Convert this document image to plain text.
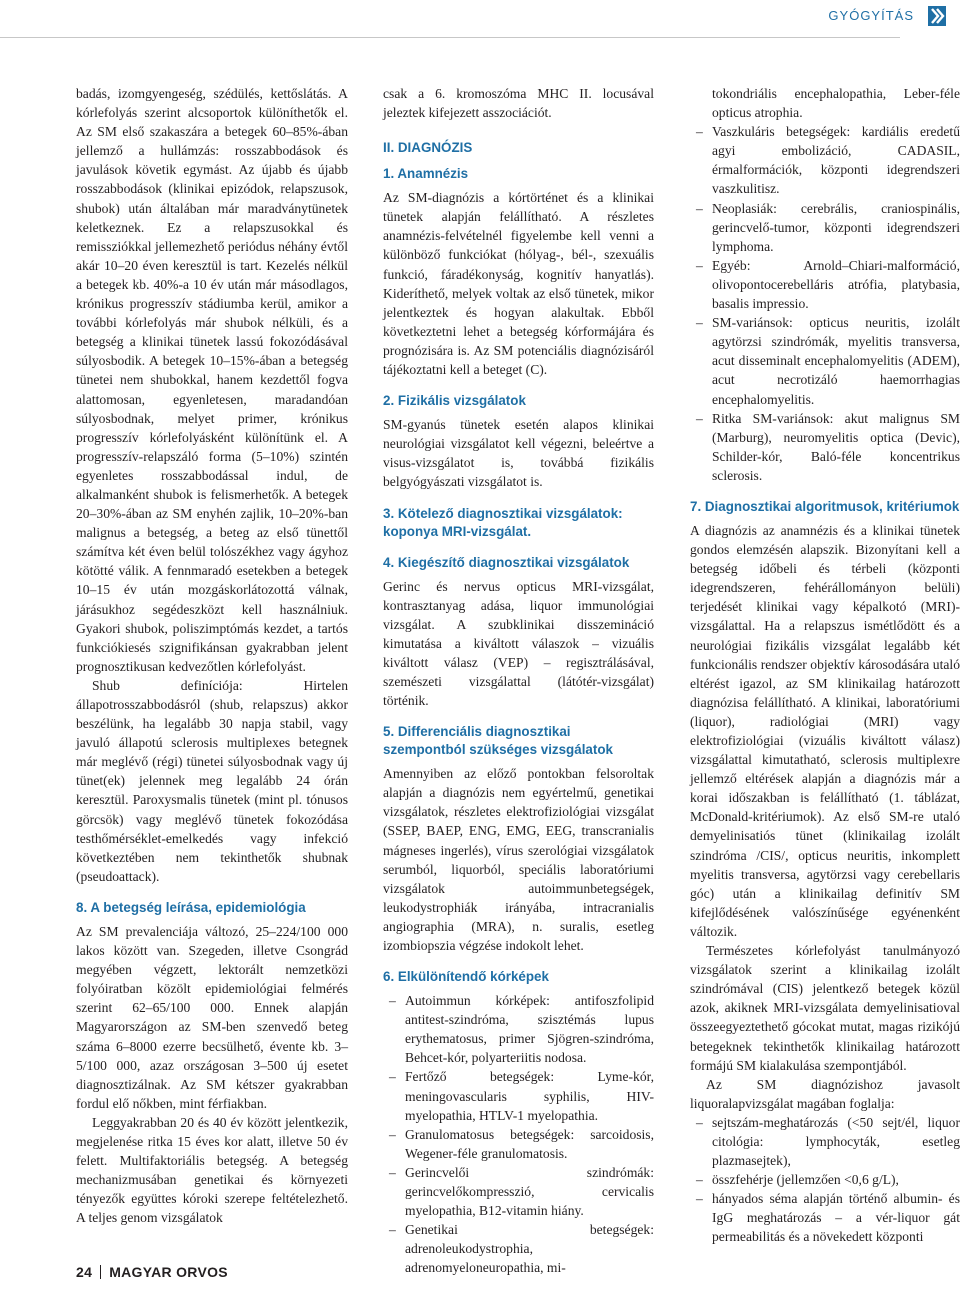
GYÓGYÍTÁS

badás, izomgyengeség, szédülés, kettőslátás. A kórlefolyás szerint alcsoportok különíthetők el. Az SM első szakaszára a betegek 60–85%-ában jellemző a hullámzás: rosszabbodások és javulások követik egymást. Az újabb és újabb rosszabbodások (klinikai epizódok, relapszusok, shubok) után általában már maradványtünetek keletkeznek. Ez a relapszusokkal és remissziókkal jellemezhető periódus néhány évtől akár 10–20 éven keresztül is tart. Kezelés nélkül a betegek kb. 40%-a 10 év után már másodlagos, krónikus progresszív stádiumba kerül, amikor a további kórlefolyás már shubok nélküli, és a betegség a klinikai tünetek lassú fokozódásával súlyosbodik. A betegek 10–15%-ában a betegség tünetei nem shubokkal, hanem kezdettől fogva alattomosan, egyenletesen, maradandóan súlyosbodnak, melyet primer, krónikus progresszív kórlefolyásként különítünk el. A progresszív-relapszáló forma (5–10%) szintén egyenletes rosszabbodással indul, de alkalmanként shubok is felismerhetők. A betegek 20–30%-ában az SM enyhén zajlik, 10–20%-ban malignus a betegség, a beteg az első tünettől számítva két éven belül tolószékhez vagy ágyhoz kötötté válik. A fennmaradó esetekben a betegek 10–15 év után mozgáskorlátozottá válnak, járásukhoz segédeszközt kell használniuk. Gyakori shubok, poliszimptómás kezdet, a tartós funkciókiesés szignifikánsan gyakrabban jelent prognosztikusan kedvezőtlen kórlefolyást.

Shub definíciója: Hirtelen állapotrosszabbodásról (shub, relapszus) akkor beszélünk, ha legalább 30 napja stabil, vagy javuló állapotú sclerosis multiplexes betegnek már meglévő (régi) tünetei súlyosbodnak vagy új tünet(ek) jelennek meg legalább 24 órán keresztül. Paroxysmalis tünetek (mint pl. tónusos görcsök) vagy meglévő tünetek fokozódása testhőmérséklet-emelkedés vagy infekció következtében nem tekinthetők shubnak (pseudoattack).

8. A betegség leírása, epidemiológia

Az SM prevalenciája változó, 25–224/100 000 lakos között van. Szegeden, illetve Csongrád megyében végzett, lektorált nemzetközi folyóiratban közölt epidemiológiai felmérés szerint 62–65/100 000. Ennek alapján Magyarországon az SM-ben szenvedő beteg száma 6–8000 ezerre becsülhető, évente kb. 3–5/100 000, azaz országosan 3–500 új esetet diagnosztizálnak. Az SM kétszer gyakrabban fordul elő nőkben, mint férfiakban.

Leggyakrabban 20 és 40 év között jelentkezik, megjelenése ritka 15 éves kor alatt, illetve 50 év felett. Multifaktoriális betegség. A betegség mechanizmusában genetikai és környezeti tényezők együttes kóroki szerepe feltételezhető. A teljes genom vizsgálatok

csak a 6. kromoszóma MHC II. locusával jeleztek kifejezett asszociációt.

II. DIAGNÓZIS
1. Anamnézis

Az SM-diagnózis a kórtörténet és a klinikai tünetek alapján felállítható. A részletes anamnézis-felvételnél figyelembe kell venni a különböző funkciókat (hólyag-, bél-, szexuális funkció, fáradékonyság, kognitív hanyatlás). Kideríthető, melyek voltak az első tünetek, mikor jelentkeztek és hogyan alakultak. Ebből következtetni lehet a betegség kórformájára és prognózisára is. Az SM potenciális diagnózisáról tájékoztatni kell a beteget (C).

2. Fizikális vizsgálatok

SM-gyanús tünetek esetén alapos klinikai neurológiai vizsgálatot kell végezni, beleértve a visus-vizsgálatot is, továbbá fizikális belgyógyászati vizsgálatot is.

3. Kötelező diagnosztikai vizsgálatok: koponya MRI-vizsgálat.
4. Kiegészítő diagnosztikai vizsgálatok

Gerinc és nervus opticus MRI-vizsgálat, kontrasztanyag adása, liquor immunológiai vizsgálat. A szubklinikai disszemináció kimutatása a kiváltott válaszok – vizuális kiváltott válasz (VEP) – regisztrálásával, szemészeti vizsgálattal (látótér-vizsgálat) történik.

5. Differenciális diagnosztikai szempontból szükséges vizsgálatok

Amennyiben az előző pontokban felsoroltak alapján a diagnózis nem egyértelmű, genetikai vizsgálatok, részletes elektrofiziológiai vizsgálat (SSEP, BAEP, ENG, EMG, EEG, transcranialis mágneses ingerlés), vírus szerológiai vizsgálatok serumból, liquorból, speciális laboratóriumi vizsgálatok autoimmunbetegségek, leukodystrophiák irányába, intracranialis angiographia (MRA), n. suralis, esetleg izombiopszia végzése indokolt lehet.

6. Elkülönítendő kórképek
– Autoimmun kórképek: antifoszfolipid antitest-szindróma, szisztémás lupus erythematosus, primer Sjögren-szindróma, Behcet-kór, polyarteriitis nodosa.
– Fertőző betegségek: Lyme-kór, meningovascularis syphilis, HIV-myelopathia, HTLV-1 myelopathia.
– Granulomatosus betegségek: sarcoidosis, Wegener-féle granulomatosis.
– Gerincvelői szindrómák: gerincvelőkompresszió, cervicalis myelopathia, B12-vitamin hiány.
– Genetikai betegségek: adrenoleukodystrophia, adrenomyeloneuropathia, mi-

tokondriális encephalopathia, Leber-féle opticus atrophia.

– Vaszkuláris betegségek: kardiális eredetű agyi embolizáció, CADASIL, érmalformációk, központi idegrendszeri vaszkulitisz.
– Neoplasiák: cerebrális, craniospinális, gerincvelő-tumor, központi idegrendszeri lymphoma.
– Egyéb: Arnold–Chiari-malformáció, olivopontocerebelláris atrófia, platybasia, basalis impressio.
– SM-variánsok: opticus neuritis, izolált agytörzsi szindrómák, myelitis transversa, acut disseminalt encephalomyelitis (ADEM), acut necrotizáló haemorrhagias encephalomyelitis.
– Ritka SM-variánsok: akut malignus SM (Marburg), neuromyelitis optica (Devic), Schilder-kór, Baló-féle koncentrikus sclerosis.
7. Diagnosztikai algoritmusok, kritériumok

A diagnózis az anamnézis és a klinikai tünetek gondos elemzésén alapszik. Bizonyítani kell a betegség időbeli és térbeli (központi idegrendszeren, fehérállományon belüli) terjedését klinikai vagy képalkotó (MRI)-vizsgálattal. Ha a relapszus ismétlődött és a neurológiai fizikális vizsgálat legalább két funkcionális rendszer objektív károsodására utaló eltérést igazol, az SM klinikailag határozott diagnózisa felállítható. A klinikai, laboratóriumi (liquor), radiológiai (MRI) vagy elektrofiziológiai (vizuális kiváltott válasz) vizsgálattal kimutatható, sclerosis multiplexre jellemző eltérések alapján a diagnózis már a korai időszakban is felállítható (1. táblázat, McDonald-kritériumok). Az első SM-re utaló demyelinisatiós tünet (klinikailag izolált szindróma /CIS/, opticus neuritis, inkomplett myelitis transversa, agytörzsi vagy cerebellaris góc) után a klinikailag definitív SM kifejlődésének valószínűsége egyénenként változik.

Természetes kórlefolyást tanulmányozó vizsgálatok szerint a klinikailag izolált szindrómával (CIS) jelentkező betegek közül azok, akiknek MRI-vizsgálata demyelinisatioval összeegyeztethető gócokat mutat, magas rizikójú betegeknek tekinthetők klinikailag határozott formájú SM kialakulása szempontjából.

Az SM diagnózishoz javasolt liquoralapvizsgálat magában foglalja:

– sejtszám-meghatározás (<50 sejt/él, liquor citológia: lymphocyták, esetleg plazmasejtek),
– összfehérje (jellemzően <0,6 g/L),
– hányados séma alapján történő albumin- és IgG meghatározás – a vér-liquor gát permeabilitás és a növekedett központi
24 MAGYAR ORVOS
